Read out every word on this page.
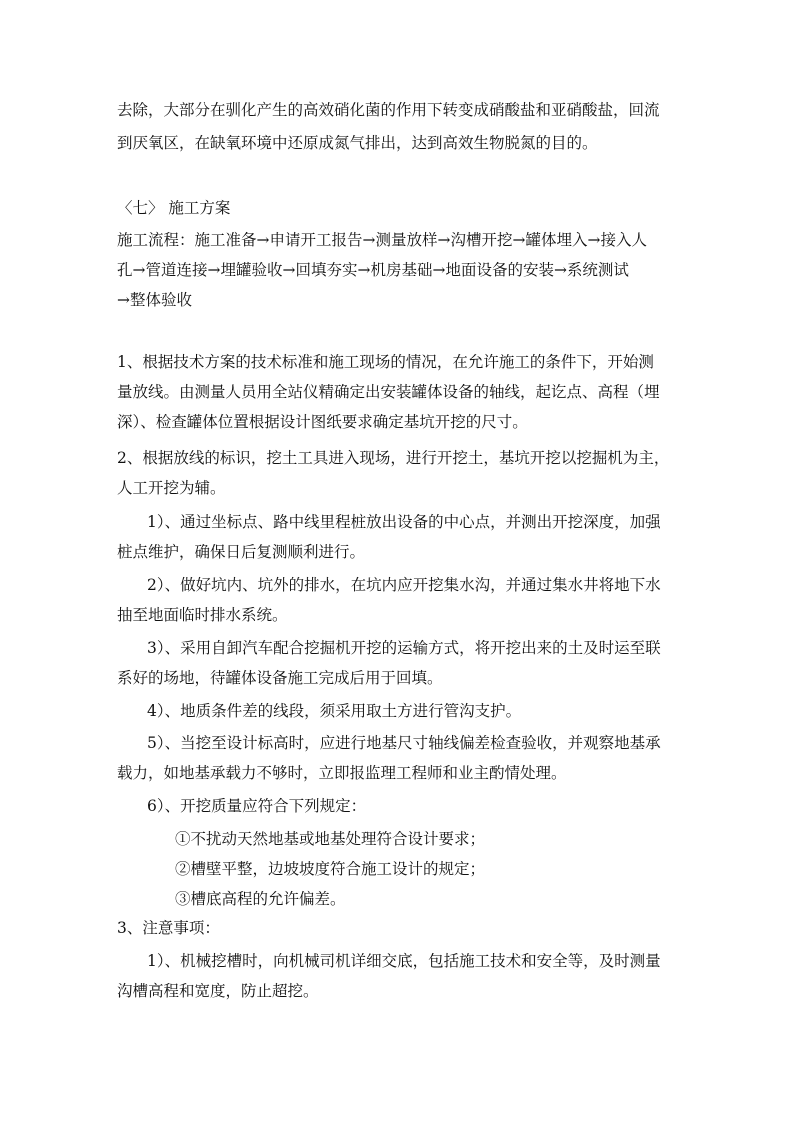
去除，大部分在驯化产生的高效硝化菌的作用下转变成硝酸盐和亚硝酸盐，回流
到厌氧区，在缺氧环境中还原成氮气排出，达到高效生物脱氮的目的。
〈七〉 施工方案
施工流程：施工准备→申请开工报告→测量放样→沟槽开挖→罐体埋入→接入人
孔→管道连接→埋罐验收→回填夯实→机房基础→地面设备的安装→系统测试
→整体验收
1、根据技术方案的技术标准和施工现场的情况，在允许施工的条件下，开始测
量放线。由测量人员用全站仪精确定出安装罐体设备的轴线，起讫点、高程（埋
深）、检查罐体位置根据设计图纸要求确定基坑开挖的尺寸。
2、根据放线的标识，挖土工具进入现场，进行开挖土，基坑开挖以挖掘机为主，
人工开挖为辅。
1）、通过坐标点、路中线里程桩放出设备的中心点，并测出开挖深度，加强
桩点维护，确保日后复测顺利进行。
2）、做好坑内、坑外的排水，在坑内应开挖集水沟，并通过集水井将地下水
抽至地面临时排水系统。
3）、采用自卸汽车配合挖掘机开挖的运输方式，将开挖出来的土及时运至联
系好的场地，待罐体设备施工完成后用于回填。
4）、地质条件差的线段，须采用取土方进行管沟支护。
5）、当挖至设计标高时，应进行地基尺寸轴线偏差检查验收，并观察地基承
载力，如地基承载力不够时，立即报监理工程师和业主酌情处理。
6）、开挖质量应符合下列规定：
①不扰动天然地基或地基处理符合设计要求；
②槽壁平整，边坡坡度符合施工设计的规定；
③槽底高程的允许偏差。
3、注意事项：
1）、机械挖槽时，向机械司机详细交底，包括施工技术和安全等，及时测量
沟槽高程和宽度，防止超挖。
